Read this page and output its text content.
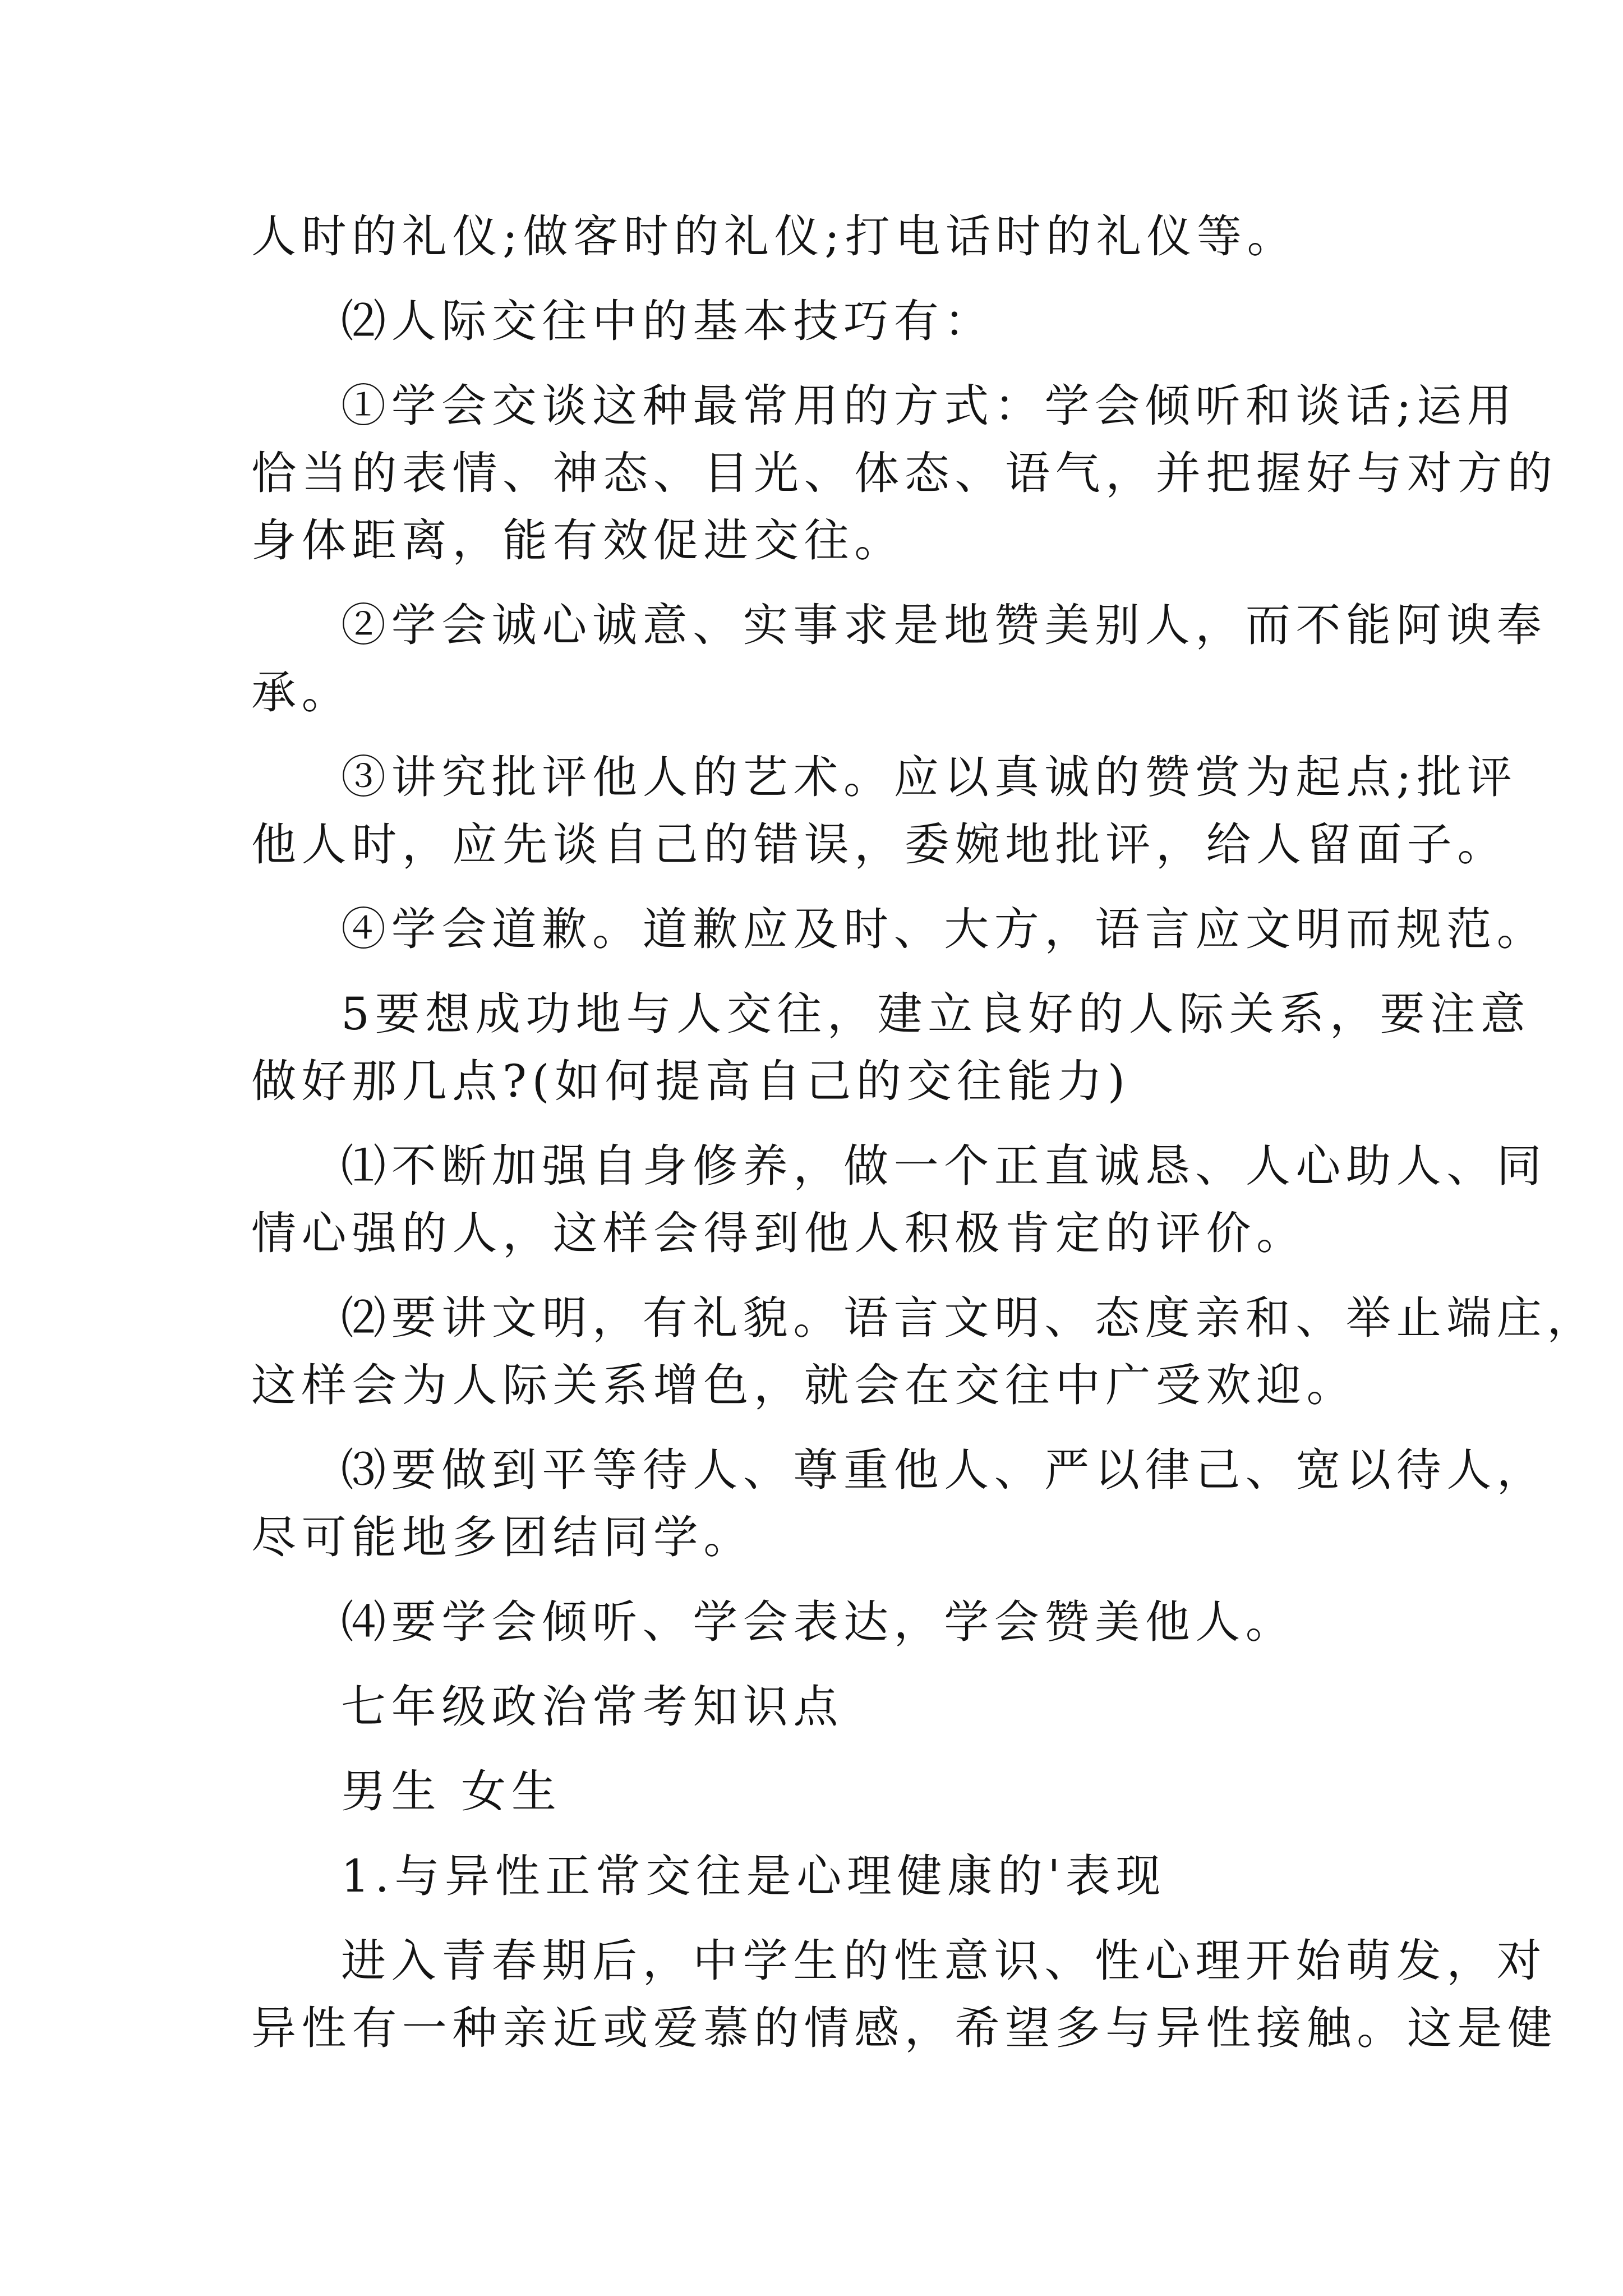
人时的礼仪;做客时的礼仪;打电话时的礼仪等。
⑵人际交往中的基本技巧有：
①学会交谈这种最常用的方式：学会倾听和谈话;运用
恰当的表情、神态、目光、体态、语气，并把握好与对方的
身体距离，能有效促进交往。
②学会诚心诚意、实事求是地赞美别人，而不能阿谀奉
承。
③讲究批评他人的艺术。应以真诚的赞赏为起点;批评
他人时，应先谈自己的错误，委婉地批评，给人留面子。
④学会道歉。道歉应及时、大方，语言应文明而规范。
5要想成功地与人交往，建立良好的人际关系，要注意
做好那几点?(如何提高自己的交往能力)
⑴不断加强自身修养，做一个正直诚恳、人心助人、同
情心强的人，这样会得到他人积极肯定的评价。
⑵要讲文明，有礼貌。语言文明、态度亲和、举止端庄，
这样会为人际关系增色，就会在交往中广受欢迎。
⑶要做到平等待人、尊重他人、严以律己、宽以待人，
尽可能地多团结同学。
⑷要学会倾听、学会表达，学会赞美他人。
七年级政治常考知识点
男生 女生
1.与异性正常交往是心理健康的'表现
进入青春期后，中学生的性意识、性心理开始萌发，对
异性有一种亲近或爱慕的情感，希望多与异性接触。这是健
